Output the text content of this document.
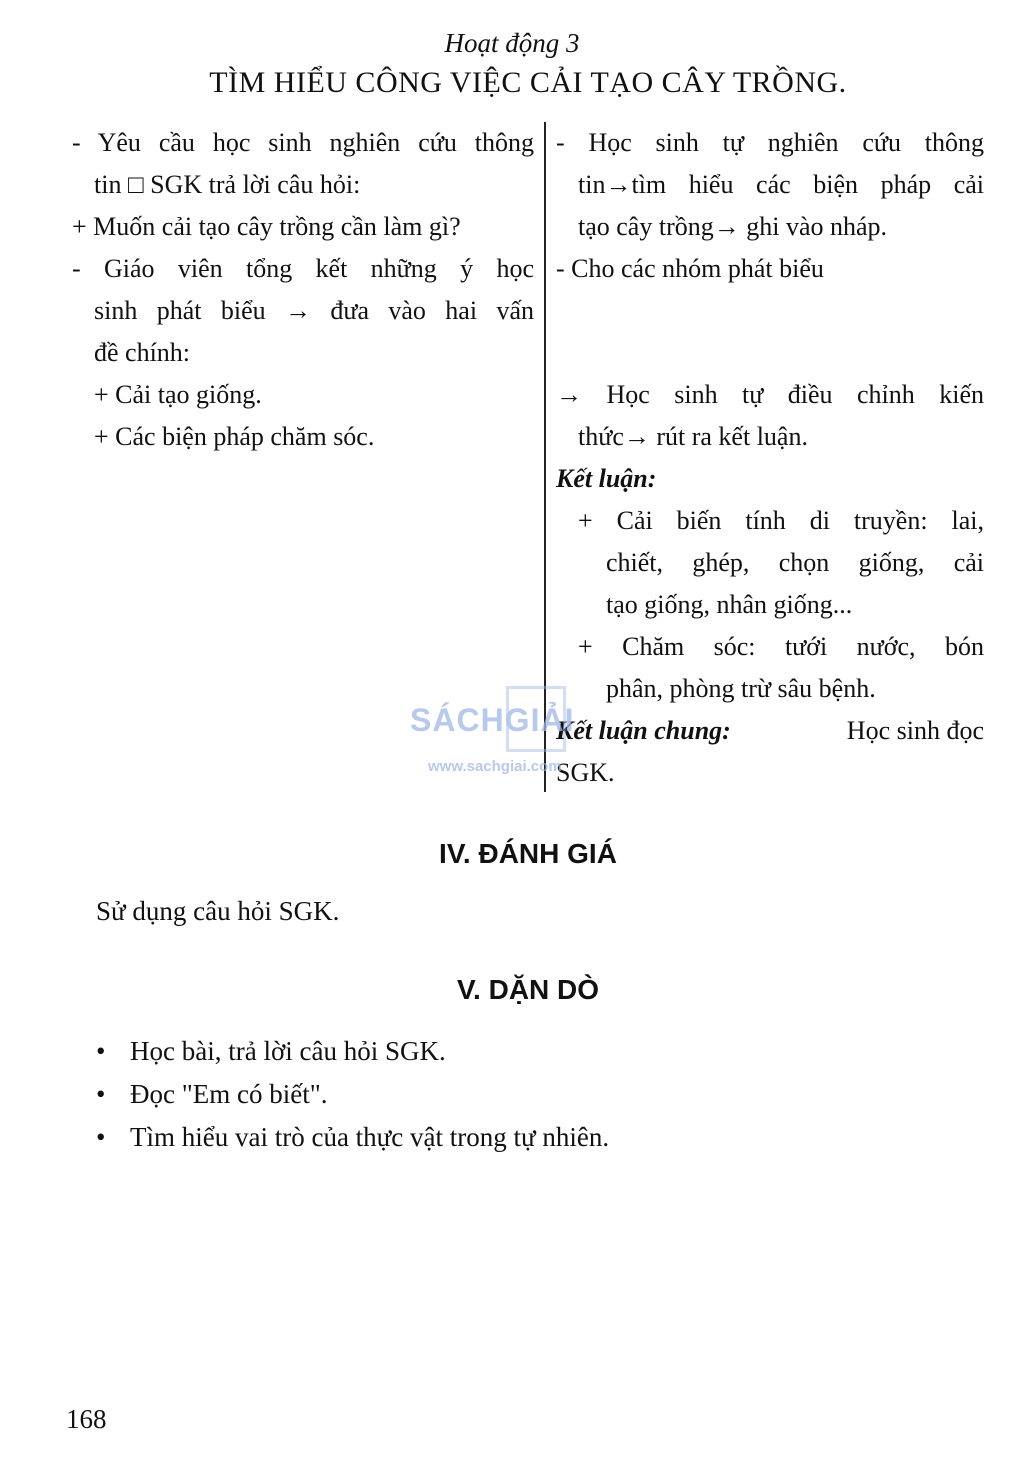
Hoạt động 3
TÌM HIỂU CÔNG VIỆC CẢI TẠO CÂY TRỒNG.
- Yêu cầu học sinh nghiên cứu thông
tin □ SGK trả lời câu hỏi:
+ Muốn cải tạo cây trồng cần làm gì?
- Giáo viên tổng kết những ý học
sinh phát biểu → đưa vào hai vấn
đề chính:
+ Cải tạo giống.
+ Các biện pháp chăm sóc.
- Học sinh tự nghiên cứu thông
tin→tìm hiểu các biện pháp cải
tạo cây trồng→ ghi vào nháp.
- Cho các nhóm phát biểu
→ Học sinh tự điều chỉnh kiến
thức→ rút ra kết luận.
Kết luận:
+ Cải biến tính di truyền: lai,
chiết, ghép, chọn giống, cải
tạo giống, nhân giống...
+ Chăm sóc: tưới nước, bón
phân, phòng trừ sâu bệnh.
Kết luận chung:	Học sinh đọc
SGK.
SÁCHGIẢI
www.sachgiai.com
IV. ĐÁNH GIÁ
Sử dụng câu hỏi SGK.
V. DẶN DÒ
• Học bài, trả lời câu hỏi SGK.
• Đọc "Em có biết".
• Tìm hiểu vai trò của thực vật trong tự nhiên.
168
